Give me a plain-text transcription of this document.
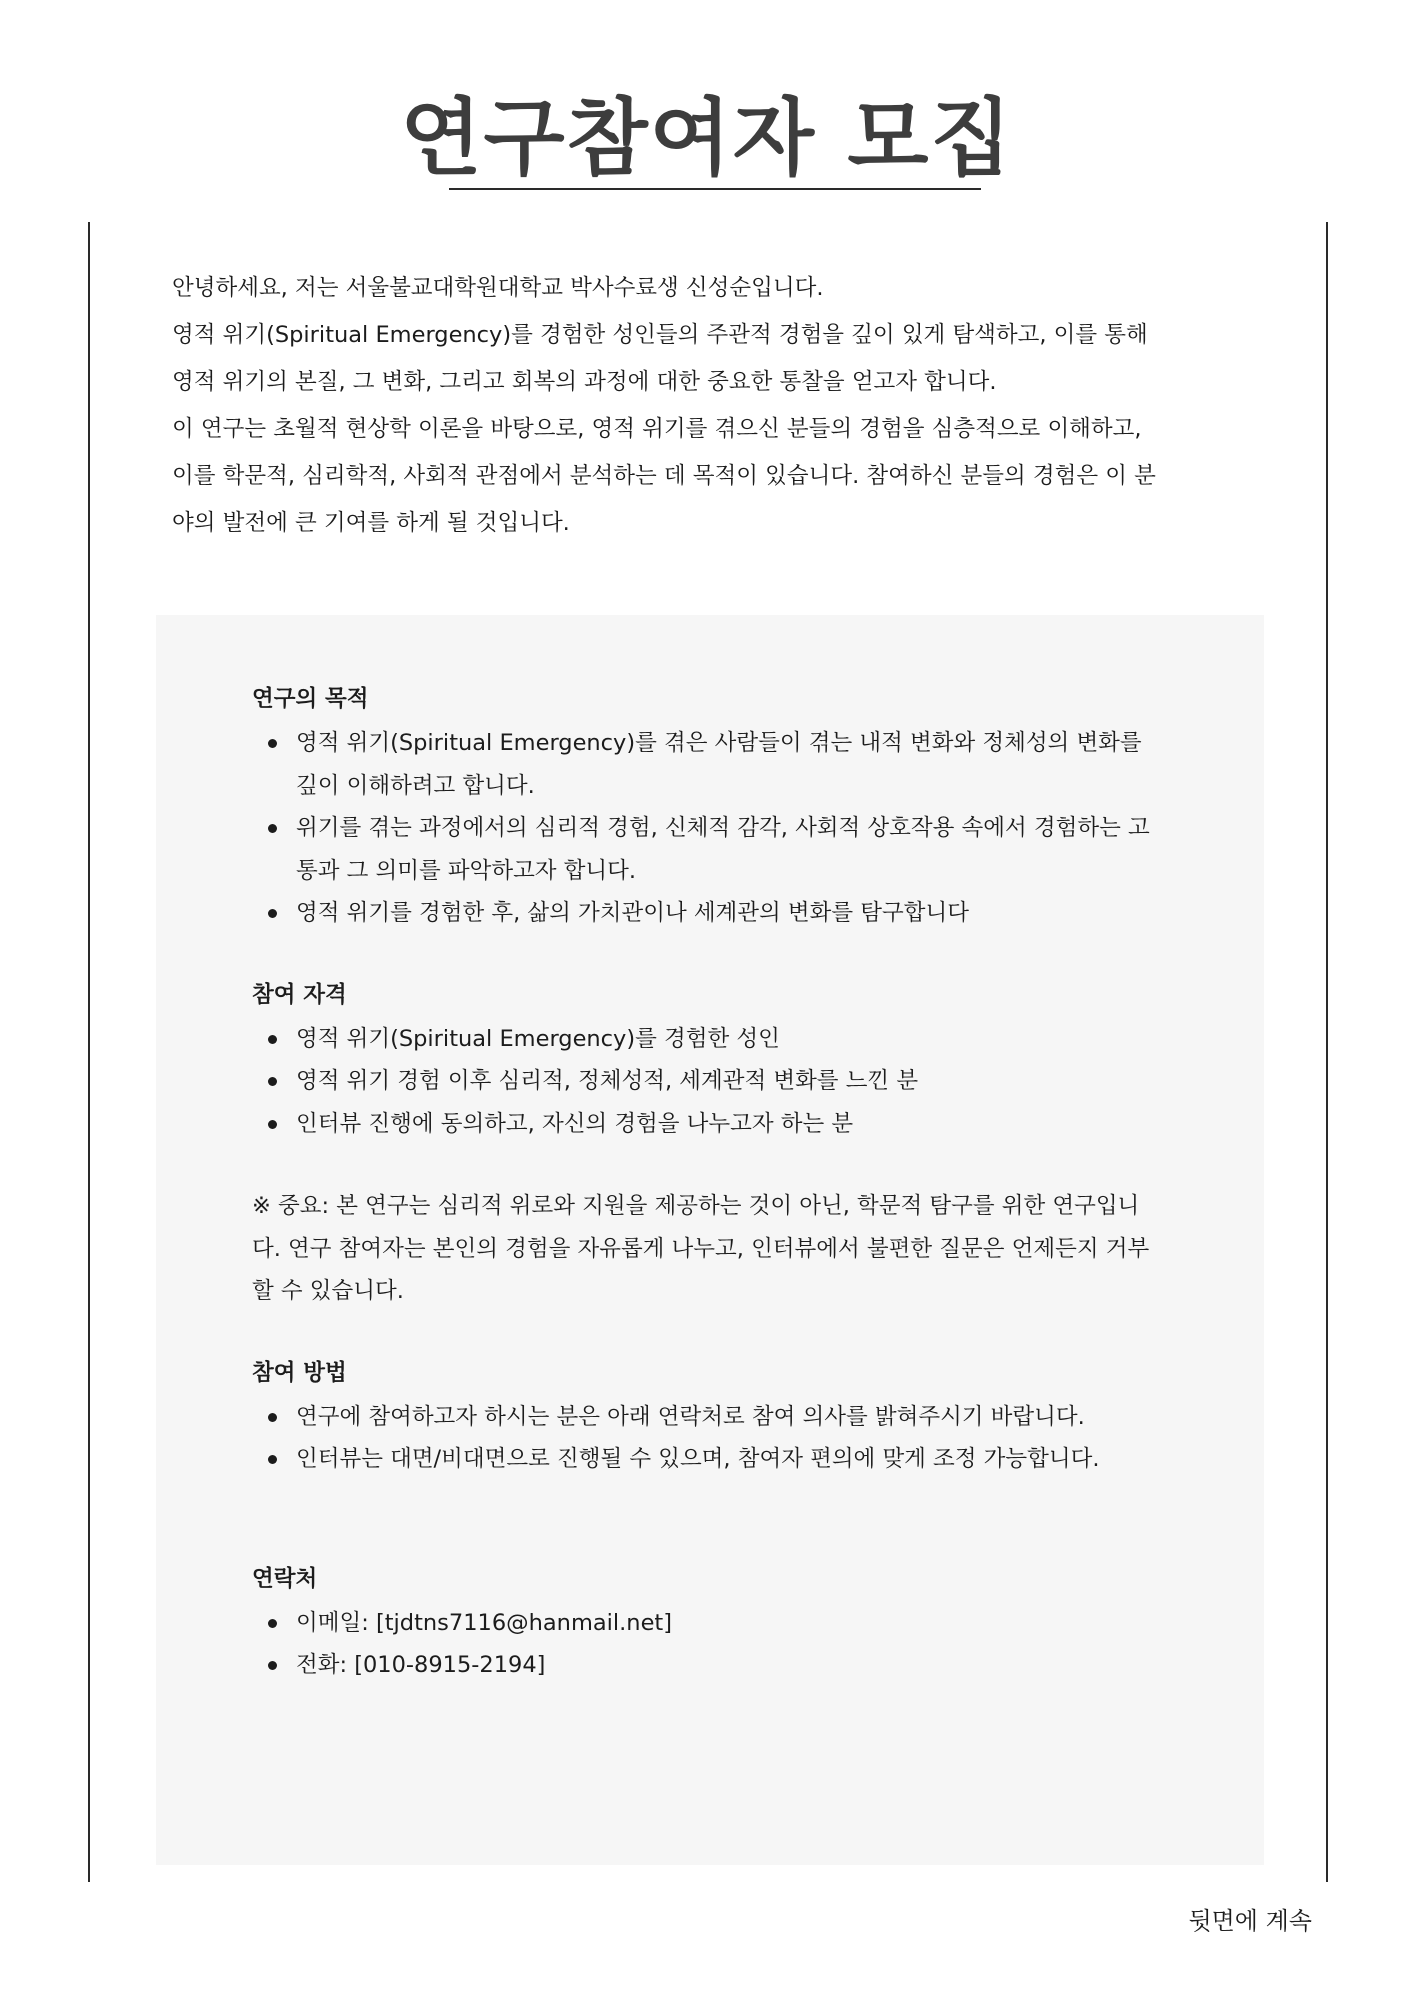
연구참여자 모집

안녕하세요, 저는 서울불교대학원대학교 박사수료생 신성순입니다.

영적 위기(Spiritual Emergency)를 경험한 성인들의 주관적 경험을 깊이 있게 탐색하고, 이를 통해

영적 위기의 본질, 그 변화, 그리고 회복의 과정에 대한 중요한 통찰을 얻고자 합니다.

이 연구는 초월적 현상학 이론을 바탕으로, 영적 위기를 겪으신 분들의 경험을 심층적으로 이해하고,

이를 학문적, 심리학적, 사회적 관점에서 분석하는 데 목적이 있습니다. 참여하신 분들의 경험은 이 분

야의 발전에 큰 기여를 하게 될 것입니다.

연구의 목적
영적 위기(Spiritual Emergency)를 겪은 사람들이 겪는 내적 변화와 정체성의 변화를 깊이 이해하려고 합니다.
위기를 겪는 과정에서의 심리적 경험, 신체적 감각, 사회적 상호작용 속에서 경험하는 고통과 그 의미를 파악하고자 합니다.
영적 위기를 경험한 후, 삶의 가치관이나 세계관의 변화를 탐구합니다
참여 자격
영적 위기(Spiritual Emergency)를 경험한 성인
영적 위기 경험 이후 심리적, 정체성적, 세계관적 변화를 느낀 분
인터뷰 진행에 동의하고, 자신의 경험을 나누고자 하는 분

※ 중요: 본 연구는 심리적 위로와 지원을 제공하는 것이 아닌, 학문적 탐구를 위한 연구입니다. 연구 참여자는 본인의 경험을 자유롭게 나누고, 인터뷰에서 불편한 질문은 언제든지 거부할 수 있습니다.

참여 방법
연구에 참여하고자 하시는 분은 아래 연락처로 참여 의사를 밝혀주시기 바랍니다.
인터뷰는 대면/비대면으로 진행될 수 있으며, 참여자 편의에 맞게 조정 가능합니다.
연락처
이메일: [tjdtns7116@hanmail.net]
전화: [010-8915-2194]
뒷면에 계속
